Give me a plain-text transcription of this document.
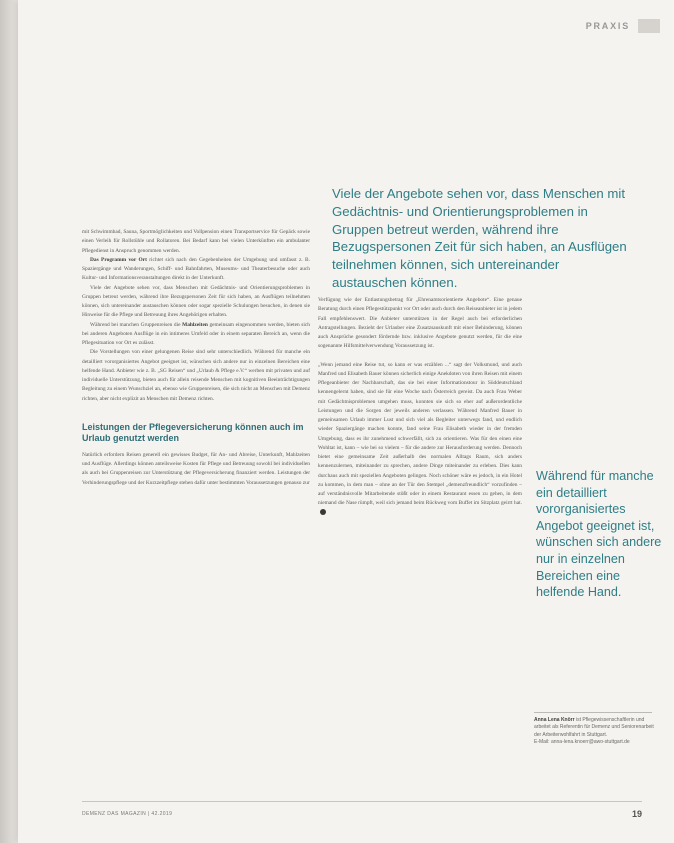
PRAXIS
Viele der Angebote sehen vor, dass Menschen mit Gedächtnis- und Orientierungsproblemen in Gruppen betreut werden, während ihre Bezugspersonen Zeit für sich haben, an Ausflügen teilnehmen können, sich untereinander austauschen können.

mit Schwimmbad, Sauna, Sportmöglichkeiten und Vollpension einen Transportservice für Gepäck sowie einen Verleih für Rollstühle und Rollatoren. Bei Bedarf kann bei vielen Unterkünften ein ambulanter Pflegedienst in Anspruch genommen werden.

Das Programm vor Ort richtet sich nach den Gegebenheiten der Umgebung und umfasst z. B. Spaziergänge und Wanderungen, Schiff- und Bahnfahrten, Museums- und Theaterbesuche oder auch Kultur- und Informationsveranstaltungen direkt in der Unterkunft.

Viele der Angebote sehen vor, dass Menschen mit Gedächtnis- und Orientierungsproblemen in Gruppen betreut werden, während ihre Bezugspersonen Zeit für sich haben, an Ausflügen teilnehmen können, sich untereinander austauschen können oder sogar spezielle Schulungen besuchen, in denen sie Hinweise für die Pflege und Betreuung ihres Angehörigen erhalten.

Während bei manchen Gruppenreisen die Mahlzeiten gemeinsam eingenommen werden, bieten sich bei anderen Angeboten Ausflüge in ein intimeres Umfeld oder in einem separaten Bereich an, wenn die Pflegesituation vor Ort es zulässt.

Die Vorstellungen von einer gelungenen Reise sind sehr unterschiedlich. Während für manche ein detailliert vororganisiertes Angebot geeignet ist, wünschen sich andere nur in einzelnen Bereichen eine helfende Hand. Anbieter wie z. B. „SG Reisen“ und „Urlaub & Pflege e.V.“ werben mit privaten und auf individuelle Unterstützung, bieten auch für allein reisende Menschen mit kognitiven Beeinträchtigungen Begleitung zu einem Wunschziel an, ebenso wie Gruppenreisen, die sich nicht an Menschen mit Demenz richten, aber nicht explizit an Menschen mit Demenz richten.

Leistungen der Pflegeversicherung können auch im Urlaub genutzt werden

Natürlich erfordern Reisen generell ein gewisses Budget, für An- und Abreise, Unterkunft, Mahlzeiten und Ausflüge. Allerdings können anteilsweise Kosten für Pflege und Betreuung sowohl bei individuellen als auch bei Gruppenreisen zur Unterstützung der Pflegeversicherung finanziert werden. Leistungen der Verhinderungspflege und der Kurzzeitpflege stehen dafür unter bestimmten Voraussetzungen genauso zur

Verfügung wie der Entlastungsbetrag für „Ehrenamtsorientierte Angebote“. Eine genaue Beratung durch einen Pflegestützpunkt vor Ort oder auch durch den Reiseanbieter ist in jedem Fall empfehlenswert. Die Anbieter unterstützen in der Regel auch bei erforderlichen Antragstellungen. Bezieht der Urlauber eine Zusatzsauskunft mit einer Behinderung, können auch Ansprüche gesondert fördernde bzw. inklusive Angebote genutzt werden, für die eine sogenannte Hilfsmittelverwendung Voraussetzung ist.

„Wenn jemand eine Reise tut, so kann er was erzählen ...“ sagt der Volksmund, und auch Manfred und Elisabeth Bauer können sicherlich einige Anekdoten von ihren Reisen mit einem Pflegeanbieter der Nachbarschaft, das sie bei einer Informationstour in Süddeutschland kennengelernt haben, sind sie für eine Woche nach Österreich gereist. Da auch Frau Weber mit Gedächtnisproblemen umgehen muss, konnten sie sich so eher auf außerordentliche Leistungen und die Sorgen der jeweils anderen verlassen. Während Manfred Bauer in gemeinsamen Urlaub immer Lust und sich viel als Begleiter unterwegs fand, und endlich wieder Spaziergänge machen konnte, fand seine Frau Elisabeth wieder in der fremden Umgebung, dass es ihr zunehmend schwerfällt, sich zu orientieren. Was für den einen eine Wohltat ist, kann – wie bei so vielem – für die andere zur Herausforderung werden. Dennoch bietet eine gemeinsame Zeit außerhalb des normalen Alltags Raum, sich anders kennenzulernen, miteinander zu sprechen, andere Dinge miteinander zu erleben. Dies kann durchaus auch mit speziellen Angeboten gelingen. Noch schöner wäre es jedoch, in ein Hotel zu kommen, in dem man – ohne an der Tür den Stempel „demenzfreundlich“ vorzufinden – auf verständnisvolle Mitarbeitende stößt oder in einem Restaurant essen zu gehen, in dem niemand die Nase rümpft, weil sich jemand beim Rückweg vom Buffet im Sitzplatz geirrt hat.

Während für manche ein detailliert vororganisiertes Angebot geeignet ist, wünschen sich andere nur in einzelnen Bereichen eine helfende Hand.
Anna Lena Knörr ist Pflegewissenschaftlerin und arbeitet als Referentin für Demenz und Seniorenarbeit der Arbeiterwohlfahrt in Stuttgart.
E-Mail: anna-lena.knoerr@awo-stuttgart.de
DEMENZ DAS MAGAZIN | 42.2019	19
